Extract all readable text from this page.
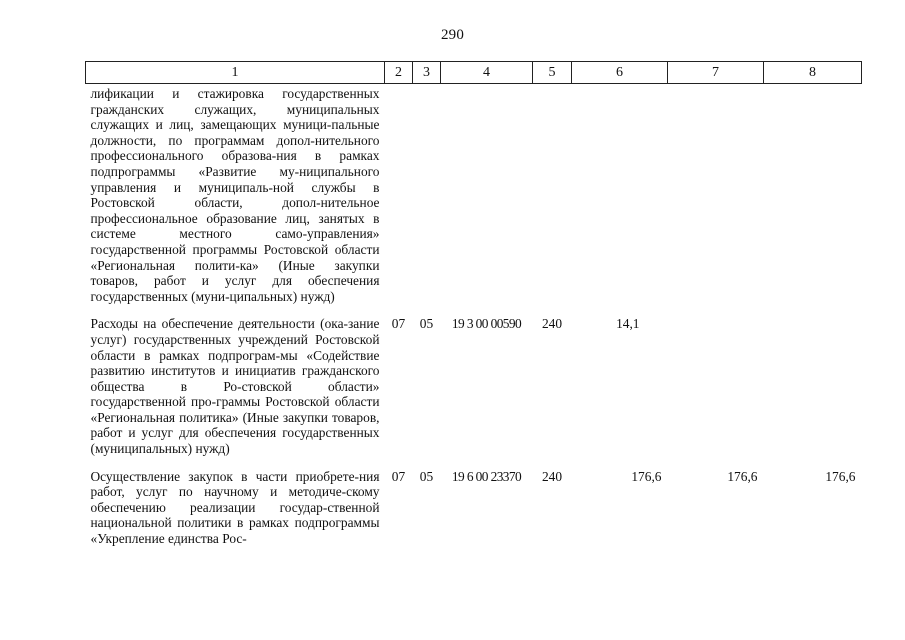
290
1	2	3	4	5	6	7	8
лификации и стажировка государственных гражданских служащих, муниципальных служащих и лиц, замещающих муници-пальные должности, по программам допол-нительного профессионального образова-ния в рамках подпрограммы «Развитие му-ниципального управления и муниципаль-ной службы в Ростовской области, допол-нительное профессиональное образование лиц, занятых в системе местного само-управления» государственной программы Ростовской области «Региональная полити-ка» (Иные закупки товаров, работ и услуг для обеспечения государственных (муни-ципальных) нужд)							
Расходы на обеспечение деятельности (ока-зание услуг) государственных учреждений Ростовской области в рамках подпрограм-мы «Содействие развитию институтов и инициатив гражданского общества в Ро-стовской области» государственной про-граммы Ростовской области «Региональная политика» (Иные закупки товаров, работ и услуг для обеспечения государственных (муниципальных) нужд)	07	05	19 3 00 00590	240	14,1		
Осуществление закупок в части приобрете-ния работ, услуг по научному и методиче-скому обеспечению реализации государ-ственной национальной политики в рамках подпрограммы «Укрепление единства Рос-	07	05	19 6 00 23370	240	176,6	176,6	176,6
